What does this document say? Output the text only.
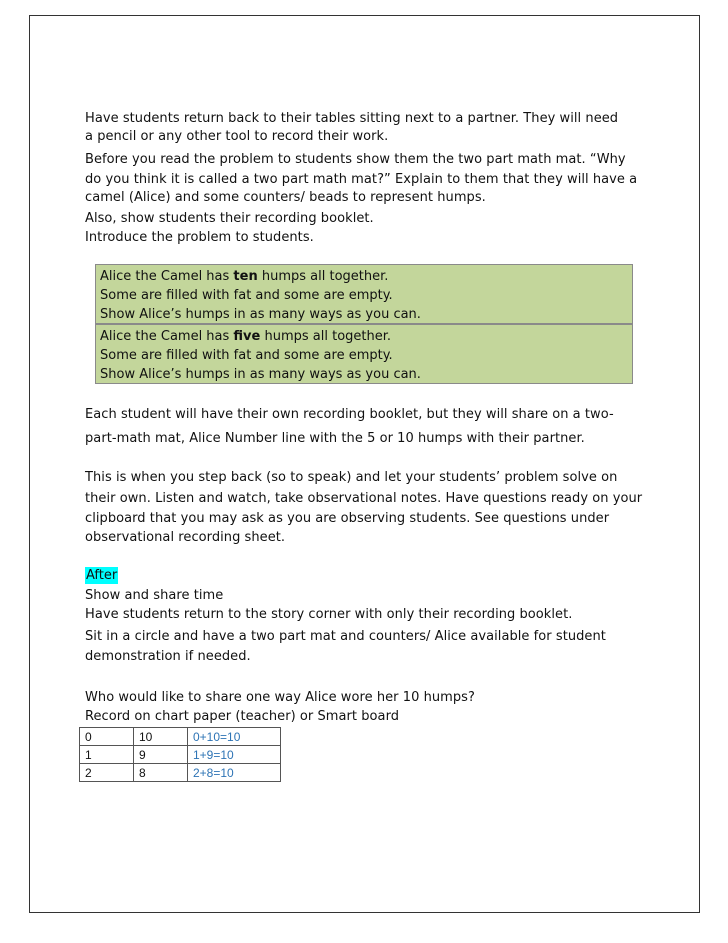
Have students return back to their tables sitting next to a partner. They will need
a pencil or any other tool to record their work.
Before you read the problem to students show them the two part math mat. “Why
do you think it is called a two part math mat?” Explain to them that they will have a
camel (Alice) and some counters/ beads to represent humps.
Also, show students their recording booklet.
Introduce the problem to students.
Alice the Camel has ten humps all together.
Some are filled with fat and some are empty.
Show Alice’s humps in as many ways as you can.
Alice the Camel has five humps all together.
Some are filled with fat and some are empty.
Show Alice’s humps in as many ways as you can.
Each student will have their own recording booklet, but they will share on a two-
part-math mat, Alice Number line with the 5 or 10 humps with their partner.
This is when you step back (so to speak) and let your students’ problem solve on
their own. Listen and watch, take observational notes. Have questions ready on your
clipboard that you may ask as you are observing students. See questions under
observational recording sheet.
After
Show and share time
Have students return to the story corner with only their recording booklet.
Sit in a circle and have a two part mat and counters/ Alice available for student
demonstration if needed.
Who would like to share one way Alice wore her 10 humps?
Record on chart paper (teacher) or Smart board
0	10	0+10=10
1	9	1+9=10
2	8	2+8=10
